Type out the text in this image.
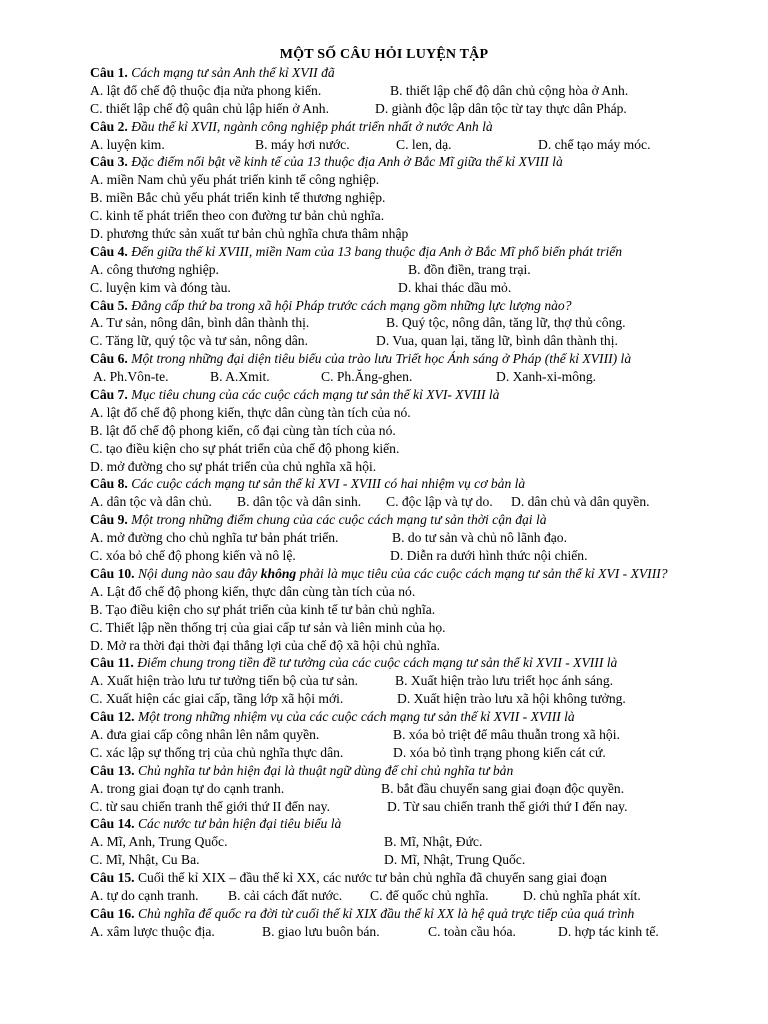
MỘT SỐ CÂU HỎI LUYỆN TẬP
Câu 1. Cách mạng tư sản Anh thế kỉ XVII đã
A. lật đổ chế độ thuộc địa nửa phong kiến.	B. thiết lập chế độ dân chủ cộng hòa ở Anh.
C. thiết lập chế độ quân chủ lập hiến ở Anh.	D. giành độc lập dân tộc từ tay thực dân Pháp.
Câu 2. Đầu thế kỉ XVII, ngành công nghiệp phát triển nhất ở nước Anh là
A. luyện kim.	B. máy hơi nước.	C. len, dạ.	D. chế tạo máy móc.
Câu 3. Đặc điểm nổi bật về kinh tế của 13 thuộc địa Anh ở Bắc Mĩ giữa thế kỉ XVIII là
A. miền Nam chủ yếu phát triển kinh tế công nghiệp.
B. miền Bắc chủ yếu phát triển kinh tế thương nghiệp.
C. kinh tế phát triển theo con đường tư bản chủ nghĩa.
D. phương thức sản xuất tư bản chủ nghĩa chưa thâm nhập
Câu 4. Đến giữa thế kỉ XVIII, miền Nam của 13 bang thuộc địa Anh ở Bắc Mĩ phổ biến phát triển
A. công thương nghiệp.	B. đồn điền, trang trại.
C. luyện kim và đóng tàu.	D. khai thác dầu mỏ.
Câu 5. Đẳng cấp thứ ba trong xã hội Pháp trước cách mạng gồm những lực lượng nào?
A. Tư sản, nông dân, bình dân thành thị.	B. Quý tộc, nông dân, tăng lữ, thợ thủ công.
C. Tăng lữ, quý tộc và tư sản, nông dân.	D. Vua, quan lại, tăng lữ, bình dân thành thị.
Câu 6. Một trong những đại diện tiêu biểu của trào lưu Triết học Ánh sáng ở Pháp (thế kỉ XVIII) là
A. Ph.Vôn-te.	B. A.Xmit.	C. Ph.Ăng-ghen.	D. Xanh-xi-mông.
Câu 7. Mục tiêu chung của các cuộc cách mạng tư sản thế kỉ XVI- XVIII là
A. lật đổ chế độ phong kiến, thực dân cùng tàn tích của nó.
B. lật đổ chế độ phong kiến, cổ đại cùng tàn tích của nó.
C. tạo điều kiện cho sự phát triển của chế độ phong kiến.
D. mở đường cho sự phát triển của chủ nghĩa xã hội.
Câu 8. Các cuộc cách mạng tư sản thế kỉ XVI - XVIII có hai nhiệm vụ cơ bản là
A. dân tộc và dân chủ. B. dân tộc và dân sinh. C. độc lập và tự do. D. dân chủ và dân quyền.
Câu 9. Một trong những điểm chung của các cuộc cách mạng tư sản thời cận đại là
A. mở đường cho chủ nghĩa tư bản phát triển.	B. do tư sản và chủ nô lãnh đạo.
C. xóa bỏ chế độ phong kiến và nô lệ.	D. Diễn ra dưới hình thức nội chiến.
Câu 10. Nội dung nào sau đây không phải là mục tiêu của các cuộc cách mạng tư sản thế kỉ XVI - XVIII?
A. Lật đổ chế độ phong kiến, thực dân cùng tàn tích của nó.
B. Tạo điều kiện cho sự phát triển của kinh tế tư bản chủ nghĩa.
C. Thiết lập nền thống trị của giai cấp tư sản và liên minh của họ.
D. Mở ra thời đại thời đại thắng lợi của chế độ xã hội chủ nghĩa.
Câu 11. Điểm chung trong tiền đề tư tưởng của các cuộc cách mạng tư sản thế kỉ XVII - XVIII là
A. Xuất hiện trào lưu tư tưởng tiến bộ của tư sản.	B. Xuất hiện trào lưu triết học ánh sáng.
C. Xuất hiện các giai cấp, tầng lớp xã hội mới.	D. Xuất hiện trào lưu xã hội không tưởng.
Câu 12. Một trong những nhiệm vụ của các cuộc cách mạng tư sản thế kỉ XVII - XVIII là
A. đưa giai cấp công nhân lên nắm quyền.	B. xóa bỏ triệt để mâu thuẫn trong xã hội.
C. xác lập sự thống trị của chủ nghĩa thực dân.	D. xóa bỏ tình trạng phong kiến cát cứ.
Câu 13. Chủ nghĩa tư bản hiện đại là thuật ngữ dùng để chỉ chủ nghĩa tư bản
A. trong giai đoạn tự do cạnh tranh.	B. bắt đầu chuyển sang giai đoạn độc quyền.
C. từ sau chiến tranh thế giới thứ II đến nay.	D. Từ sau chiến tranh thế giới thứ I đến nay.
Câu 14. Các nước tư bản hiện đại tiêu biểu là
A. Mĩ, Anh, Trung Quốc.	B. Mĩ, Nhật, Đức.
C. Mĩ, Nhật, Cu Ba.	D. Mĩ, Nhật, Trung Quốc.
Câu 15. Cuối thế kỉ XIX – đầu thế kỉ XX, các nước tư bản chủ nghĩa đã chuyển sang giai đoạn
A. tự do cạnh tranh. B. cải cách đất nước. C. đế quốc chủ nghĩa.	D. chủ nghĩa phát xít.
Câu 16. Chủ nghĩa đế quốc ra đời từ cuối thế kỉ XIX đầu thế kỉ XX là hệ quả trực tiếp của quá trình
A. xâm lược thuộc địa.	B. giao lưu buôn bán.	C. toàn cầu hóa.	D. hợp tác kinh tế.
